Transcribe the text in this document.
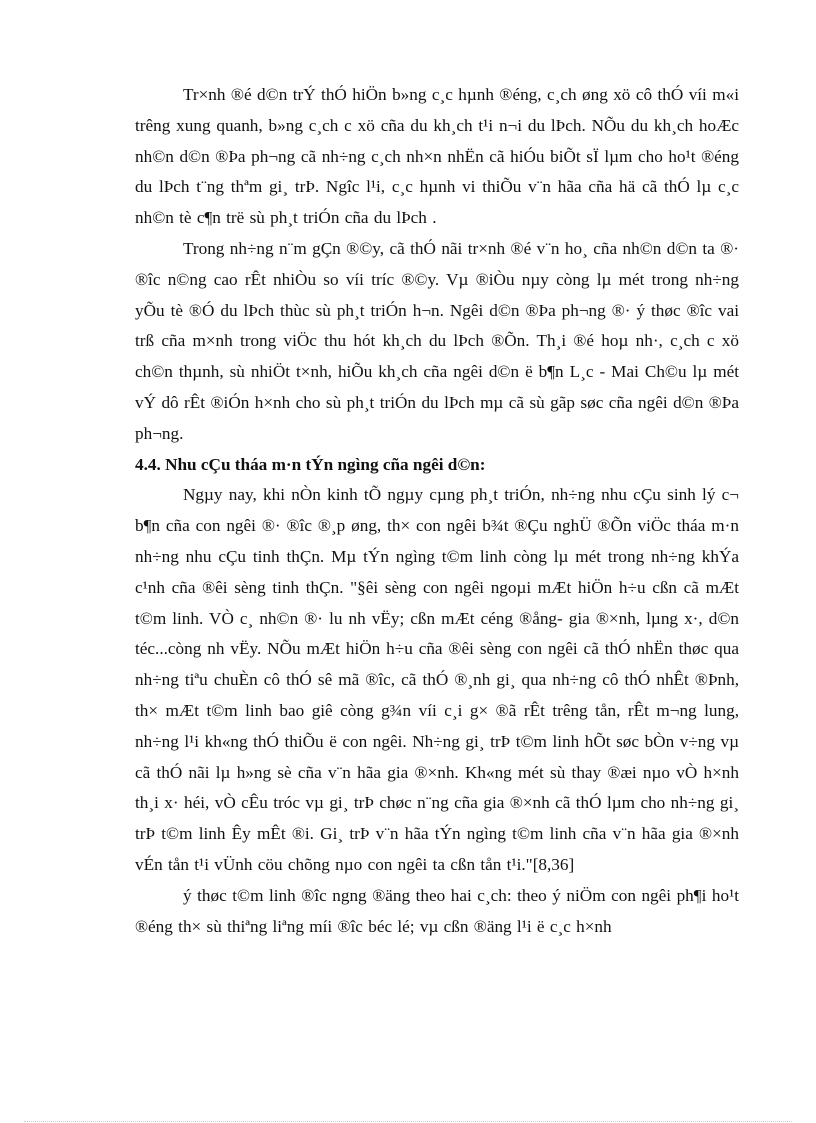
Tr×nh ®é d©n trÝ thÓ hiÖn b»ng c¸c hµnh ®éng, c¸ch øng xö cô thÓ víi m«i trêng xung quanh, b»ng c¸ch c xö cña du kh¸ch t¹i n¬i du lÞch. NÕu du kh¸ch hoÆc nh©n d©n ®Þa ph¬ng cã nh÷ng c¸ch nh×n nhËn cã hiÓu biÕt sÏ lµm cho ho¹t ®éng du lÞch t¨ng thªm gi¸ trÞ. Ngîc l¹i, c¸c hµnh vi thiÕu v¨n hãa cña hä cã thÓ lµ c¸c nh©n tè c¶n trë sù ph¸t triÓn cña du lÞch .

Trong nh÷ng n¨m gÇn ®©y, cã thÓ nãi tr×nh ®é v¨n ho¸ cña nh©n d©n ta ®· ®îc n©ng cao rÊt nhiÒu so víi tríc ®©y. Vµ ®iÒu nµy còng lµ mét trong nh÷ng yÕu tè ®Ó du lÞch thùc sù ph¸t triÓn h¬n. Ngêi d©n ®Þa ph¬ng ®· ý thøc ®îc vai trß cña m×nh trong viÖc thu hót kh¸ch du lÞch ®Õn. Th¸i ®é hoµ nh·, c¸ch c xö ch©n thµnh, sù nhiÖt t×nh, hiÕu kh¸ch cña ngêi d©n ë b¶n L¸c - Mai Ch©u lµ mét vÝ dô rÊt ®iÓn h×nh cho sù ph¸t triÓn du lÞch mµ cã sù gãp søc cña ngêi d©n ®Þa ph¬ng.

4.4. Nhu cÇu tháa m·n tÝn ngìng cña ngêi d©n:

Ngµy nay, khi nÒn kinh tÕ ngµy cµng ph¸t triÓn, nh÷ng nhu cÇu sinh lý c¬ b¶n cña con ngêi ®· ®îc ®¸p øng, th× con ngêi b¾t ®Çu nghÜ ®Õn viÖc tháa m·n nh÷ng nhu cÇu tinh thÇn. Mµ tÝn ngìng t©m linh còng lµ mét trong nh÷ng khÝa c¹nh cña ®êi sèng tinh thÇn. "§êi sèng con ngêi ngoµi mÆt hiÖn h÷u cßn cã mÆt t©m linh. VÒ c¸ nh©n ®· lu nh vËy; cßn mÆt céng ®ång- gia ®×nh, lµng x·, d©n téc...còng nh vËy. NÕu mÆt hiÖn h÷u cña ®êi sèng con ngêi cã thÓ nhËn thøc qua nh÷ng tiªu chuÈn cô thÓ sê mã ®îc, cã thÓ ®¸nh gi¸ qua nh÷ng cô thÓ nhÊt ®Þnh, th× mÆt t©m linh bao giê còng g¾n víi c¸i g× ®ã rÊt trêng tån, rÊt m¬ng lung, nh÷ng l¹i kh«ng thÓ thiÕu ë con ngêi. Nh÷ng gi¸ trÞ t©m linh hÕt søc bÒn v÷ng vµ cã thÓ nãi lµ h»ng sè cña v¨n hãa gia ®×nh. Kh«ng mét sù thay ®æi nµo vÒ h×nh th¸i x· héi, vÒ cÊu tróc vµ gi¸ trÞ chøc n¨ng cña gia ®×nh cã thÓ lµm cho nh÷ng gi¸ trÞ t©m linh Êy mÊt ®i. Gi¸ trÞ v¨n hãa tÝn ngìng t©m linh cña v¨n hãa gia ®×nh vÉn tån t¹i vÜnh cöu chõng nµo con ngêi ta cßn tån t¹i."[8,36]

ý thøc t©m linh ®îc ngng ®äng theo hai c¸ch: theo ý niÖm con ngêi ph¶i ho¹t ®éng th× sù thiªng liªng míi ®îc béc lé; vµ cßn ®äng l¹i ë c¸c h×nh
